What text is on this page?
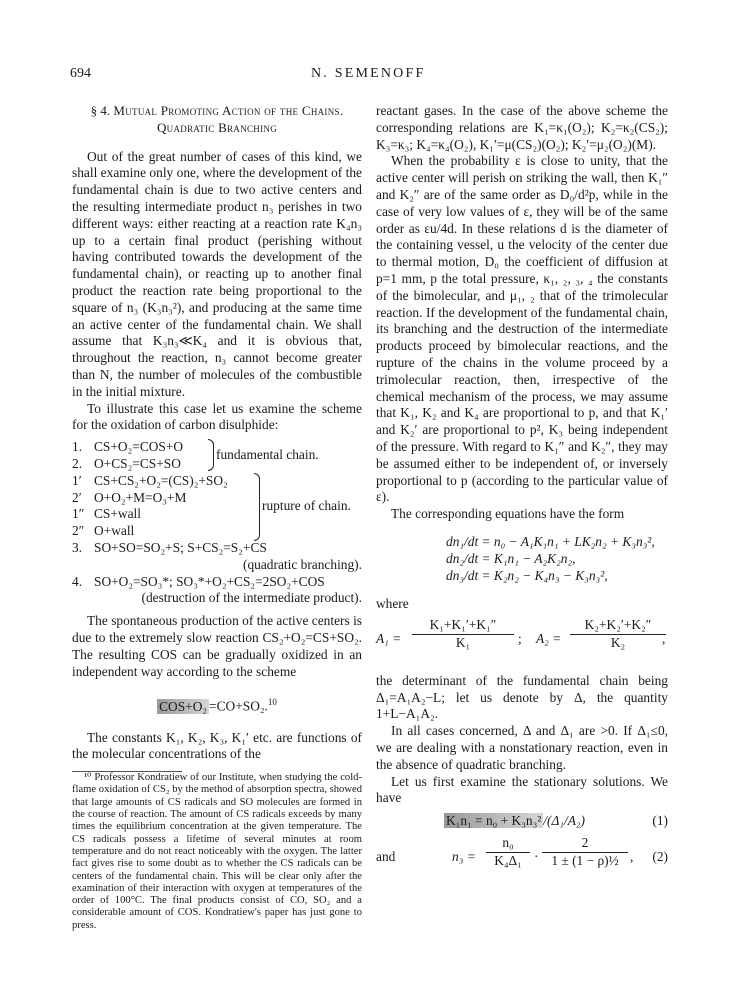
694	N. SEMENOFF
§ 4. Mutual Promoting Action of the Chains.
Quadratic Branching

Out of the great number of cases of this kind, we shall examine only one, where the development of the fundamental chain is due to two active centers and the resulting intermediate product n₃ perishes in two different ways: either reacting at a reaction rate K₄n₃ up to a certain final product (perishing without having contributed towards the development of the fundamental chain), or reacting up to another final product the reaction rate being proportional to the square of n₃ (K₃n₃²), and producing at the same time an active center of the fundamental chain. We shall assume that K₃n₃≪K₄ and it is obvious that, throughout the reaction, n₃ cannot become greater than N, the number of molecules of the combustible in the initial mixture.

To illustrate this case let us examine the scheme for the oxidation of carbon disulphide:

1. CS+O₂=COS+O
2. O+CS₂=CS+SO
fundamental chain.
1′ CS+CS₂+O₂=(CS)₂+SO₂
2′ O+O₂+M=O₃+M
1″ CS+wall
2″ O+wall
rupture of chain.
3. SO+SO=SO₂+S; S+CS₂=S₂+CS
(quadratic branching).
4. SO+O₂=SO₃*; SO₃*+O₂+CS₂=2SO₂+COS
(destruction of the intermediate product).

The spontaneous production of the active centers is due to the extremely slow reaction CS₂+O₂=CS+SO₂. The resulting COS can be gradually oxidized in an independent way according to the scheme

COS+O₂ =CO+SO₂.$^{10}$

The constants K₁, K₂, K₃, K₁′ etc. are functions of the molecular concentrations of the

¹⁰ Professor Kondratiew of our Institute, when studying the cold-flame oxidation of CS₂ by the method of absorption spectra, showed that large amounts of CS radicals and SO molecules are formed in the course of reaction. The amount of CS radicals exceeds by many times the equilibrium concentration at the given temperature. The CS radicals possess a lifetime of several minutes at room temperature and do not react noticeably with the oxygen. The latter fact gives rise to some doubt as to whether the CS radicals can be centers of the fundamental chain. This will be clear only after the examination of their interaction with oxygen at temperatures of the order of 100°C. The final products consist of CO, SO₂ and a considerable amount of COS. Kondratiew's paper has just gone to press.

reactant gases. In the case of the above scheme the corresponding relations are K₁=κ₁(O₂); K₂=κ₂(CS₂); K₃=κ₃; K₄=κ₄(O₂), K₁′=μ(CS₂)(O₂); K₂′=μ₂(O₂)(M).

When the probability ε is close to unity, that the active center will perish on striking the wall, then K₁″ and K₂″ are of the same order as D₀/d²p, while in the case of very low values of ε, they will be of the same order as εu/4d. In these relations d is the diameter of the containing vessel, u the velocity of the center due to thermal motion, D₀ the coefficient of diffusion at p=1 mm, p the total pressure, κ₁, ₂, ₃, ₄ the constants of the bimolecular, and μ₁, ₂ that of the trimolecular reaction. If the development of the fundamental chain, its branching and the destruction of the intermediate products proceed by bimolecular reactions, and the rupture of the chains in the volume proceed by a trimolecular reaction, then, irrespective of the chemical mechanism of the process, we may assume that K₁, K₂ and K₄ are proportional to p, and that K₁′ and K₂′ are proportional to p², K₃ being independent of the pressure. With regard to K₁″ and K₂″, they may be assumed either to be independent of, or inversely proportional to p (according to the particular value of ε).

The corresponding equations have the form

dn₁/dt = n₀ − A₁K₁n₁ + LK₂n₂ + K₃n₃²,
dn₂/dt = K₁n₁ − A₂K₂n₂,
dn₃/dt = K₂n₂ − K₄n₃ − K₃n₃²,

where

A₁ =
K₁+K₁′+K₁″
K₁	; A₂ =
K₂+K₂′+K₂″
K₂	,

the determinant of the fundamental chain being Δ₁=A₁A₂−L; let us denote by Δ, the quantity 1+L−A₁A₂.

In all cases concerned, Δ and Δ₁ are >0. If Δ₁≤0, we are dealing with a nonstationary reaction, even in the absence of quadratic branching.

Let us first examine the stationary solutions. We have

K₁n₁ = n₀ + K₃n₃² /(Δ₁/A₂)	(1)
and	n₃ =
n₀
K₄Δ₁ ·
2
1 ± (1 − ρ)½ , (2)
